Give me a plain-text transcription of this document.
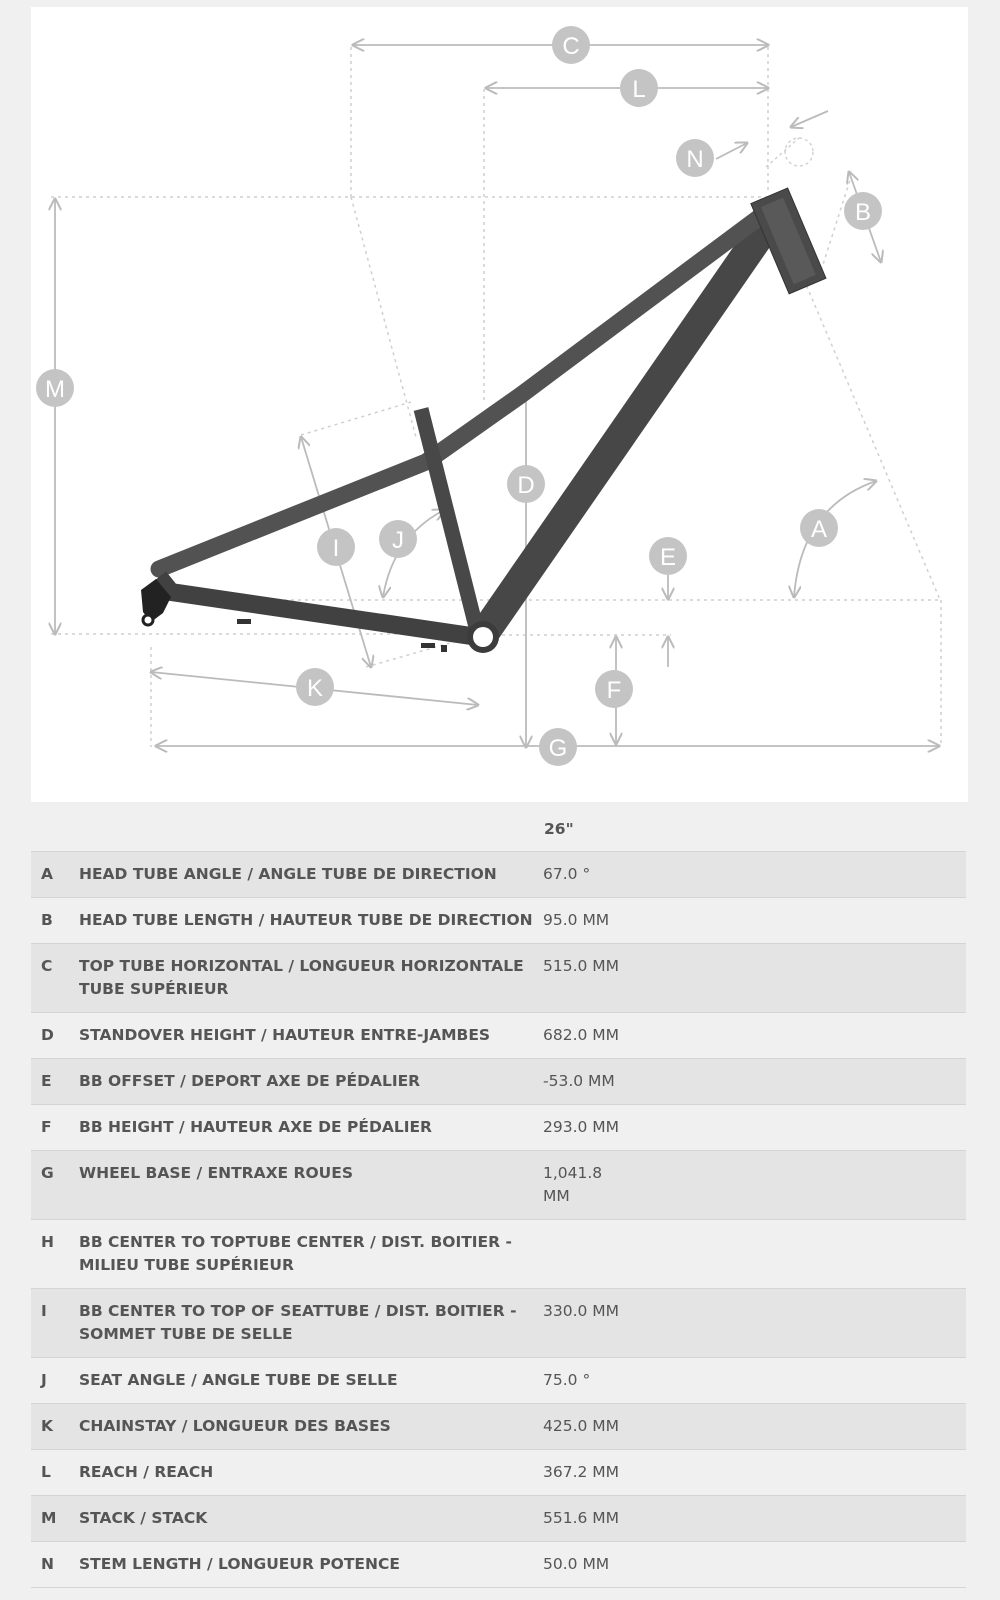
C
L
N
B
M
D
A
I J
E
F
K
G
		26"	
A	HEAD TUBE ANGLE / ANGLE TUBE DE DIRECTION	67.0 °	
B	HEAD TUBE LENGTH / HAUTEUR TUBE DE DIRECTION	95.0 MM	
C	TOP TUBE HORIZONTAL / LONGUEUR HORIZONTALE TUBE SUPÉRIEUR	515.0 MM	
D	STANDOVER HEIGHT / HAUTEUR ENTRE-JAMBES	682.0 MM	
E	BB OFFSET / DEPORT AXE DE PÉDALIER	-53.0 MM	
F	BB HEIGHT / HAUTEUR AXE DE PÉDALIER	293.0 MM	
G	WHEEL BASE / ENTRAXE ROUES	1,041.8 MM	
H	BB CENTER TO TOPTUBE CENTER / DIST. BOITIER - MILIEU TUBE SUPÉRIEUR		
I	BB CENTER TO TOP OF SEATTUBE / DIST. BOITIER - SOMMET TUBE DE SELLE	330.0 MM	
J	SEAT ANGLE / ANGLE TUBE DE SELLE	75.0 °	
K	CHAINSTAY / LONGUEUR DES BASES	425.0 MM	
L	REACH / REACH	367.2 MM	
M	STACK / STACK	551.6 MM	
N	STEM LENGTH / LONGUEUR POTENCE	50.0 MM	
